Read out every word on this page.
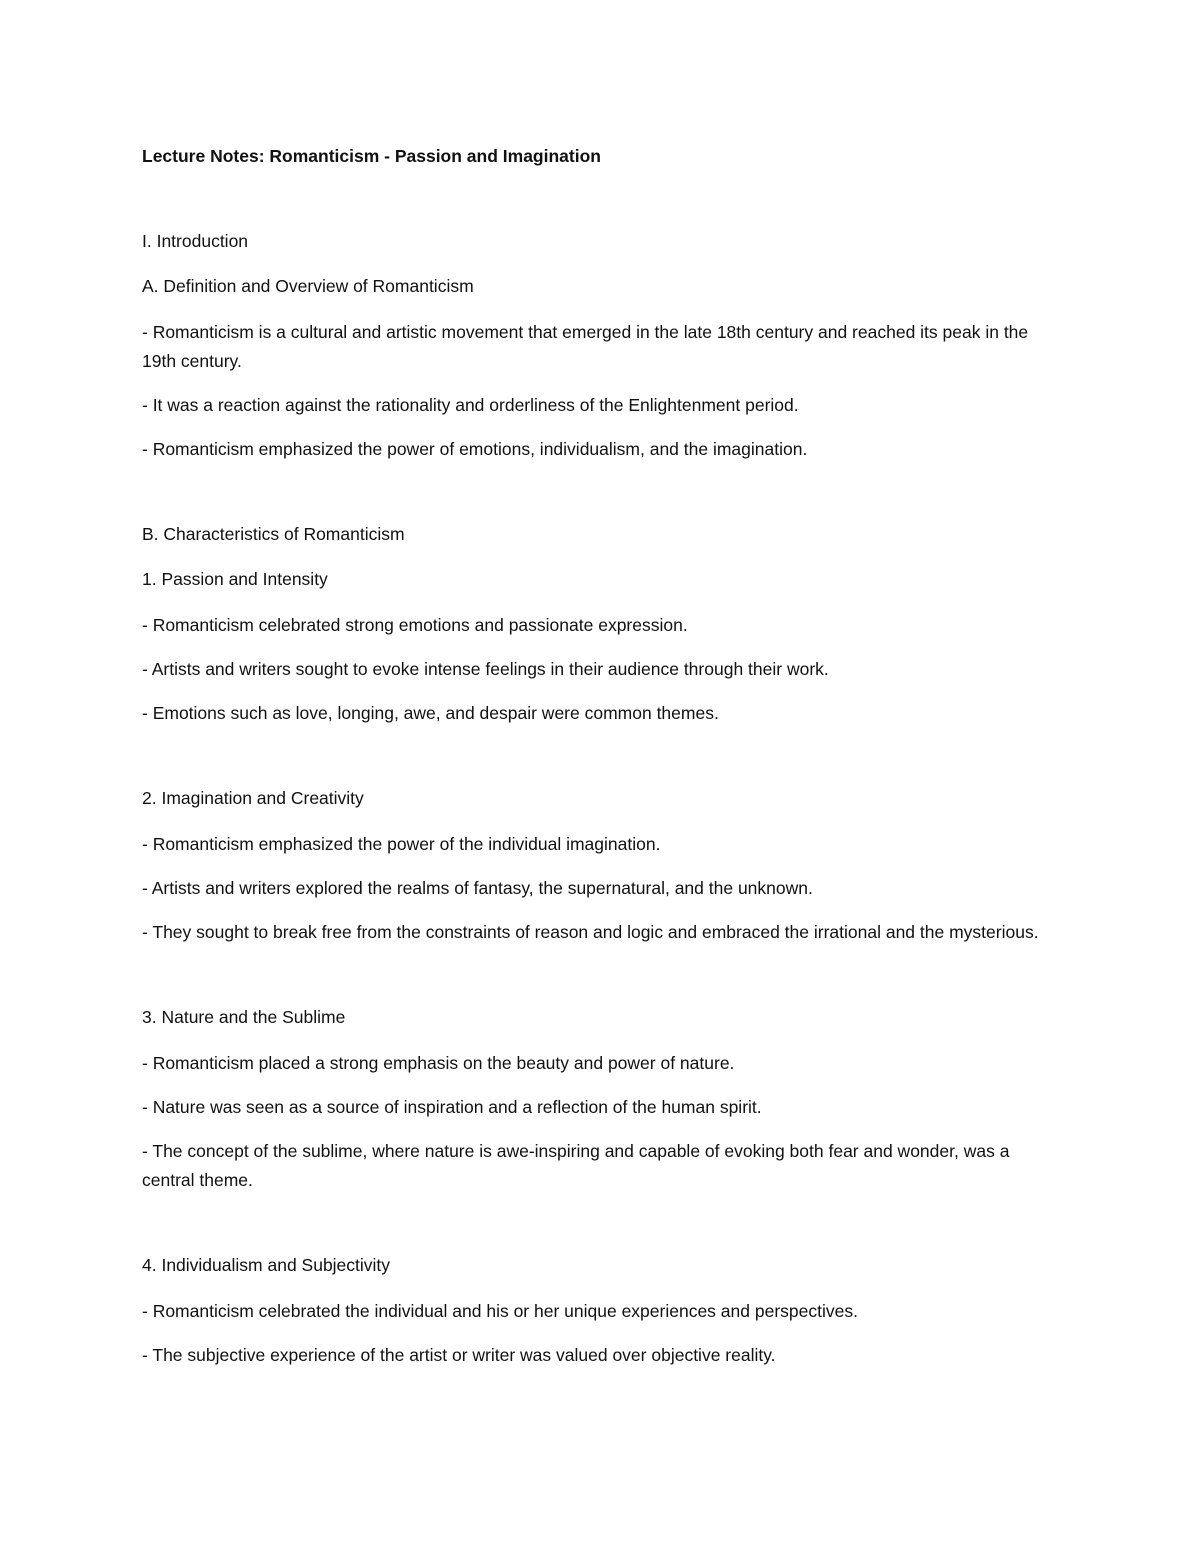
Lecture Notes: Romanticism - Passion and Imagination

I. Introduction

A. Definition and Overview of Romanticism

- Romanticism is a cultural and artistic movement that emerged in the late 18th century and reached its peak in the 19th century.

- It was a reaction against the rationality and orderliness of the Enlightenment period.

- Romanticism emphasized the power of emotions, individualism, and the imagination.

B. Characteristics of Romanticism

1. Passion and Intensity

- Romanticism celebrated strong emotions and passionate expression.

- Artists and writers sought to evoke intense feelings in their audience through their work.

- Emotions such as love, longing, awe, and despair were common themes.

2. Imagination and Creativity

- Romanticism emphasized the power of the individual imagination.

- Artists and writers explored the realms of fantasy, the supernatural, and the unknown.

- They sought to break free from the constraints of reason and logic and embraced the irrational and the mysterious.

3. Nature and the Sublime

- Romanticism placed a strong emphasis on the beauty and power of nature.

- Nature was seen as a source of inspiration and a reflection of the human spirit.

- The concept of the sublime, where nature is awe-inspiring and capable of evoking both fear and wonder, was a central theme.

4. Individualism and Subjectivity

- Romanticism celebrated the individual and his or her unique experiences and perspectives.

- The subjective experience of the artist or writer was valued over objective reality.
